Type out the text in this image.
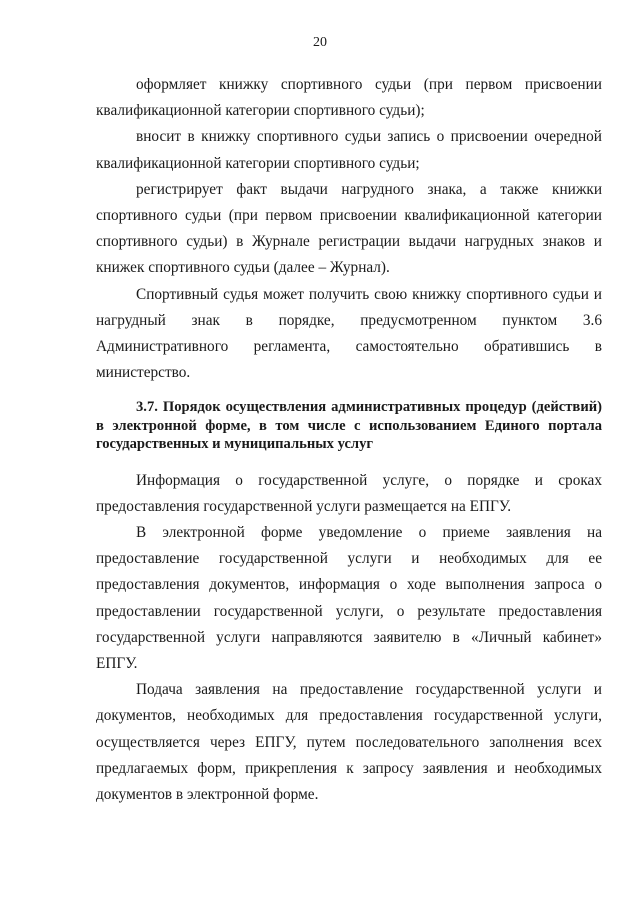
20

оформляет книжку спортивного судьи (при первом присвоении квалификационной категории спортивного судьи);

вносит в книжку спортивного судьи запись о присвоении очередной квалификационной категории спортивного судьи;

регистрирует факт выдачи нагрудного знака, а также книжки спортивного судьи (при первом присвоении квалификационной категории спортивного судьи) в Журнале регистрации выдачи нагрудных знаков и книжек спортивного судьи (далее – Журнал).

Спортивный судья может получить свою книжку спортивного судьи и нагрудный знак в порядке, предусмотренном пунктом 3.6 Административного регламента, самостоятельно обратившись в министерство.

3.7. Порядок осуществления административных процедур (действий) в электронной форме, в том числе с использованием Единого портала государственных и муниципальных услуг

Информация о государственной услуге, о порядке и сроках предоставления государственной услуги размещается на ЕПГУ.

В электронной форме уведомление о приеме заявления на предоставление государственной услуги и необходимых для ее предоставления документов, информация о ходе выполнения запроса о предоставлении государственной услуги, о результате предоставления государственной услуги направляются заявителю в «Личный кабинет» ЕПГУ.

Подача заявления на предоставление государственной услуги и документов, необходимых для предоставления государственной услуги, осуществляется через ЕПГУ, путем последовательного заполнения всех предлагаемых форм, прикрепления к запросу заявления и необходимых документов в электронной форме.
